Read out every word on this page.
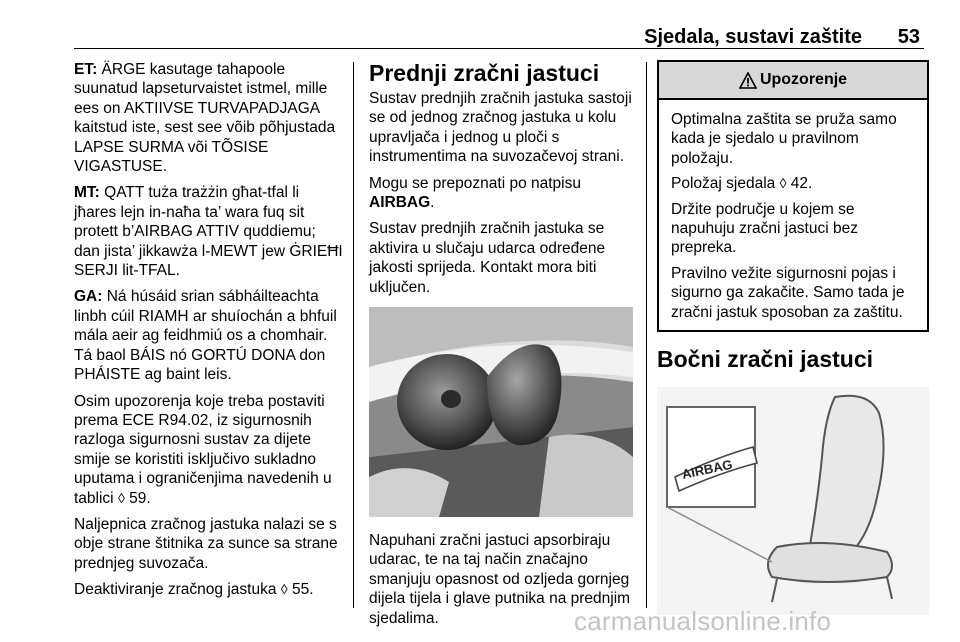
Sjedala, sustavi zaštite 53

ET: ÄRGE kasutage tahapoole suunatud lapseturvaistet istmel, mille ees on AKTIIVSE TURVAPADJAGA kaitstud iste, sest see võib põhjustada LAPSE SURMA või TÕSISE VIGASTUSE.

MT: QATT tuża trażżin għat-tfal li jħares lejn in-naħa ta’ wara fuq sit protett b’AIRBAG ATTIV quddiemu; dan jista’ jikkawża l-MEWT jew ĠRIEĦI SERJI lit-TFAL.

GA: Ná húsáid srian sábháilteachta linbh cúil RIAMH ar shuíochán a bhfuil mála aeir ag feidhmiú os a chomhair. Tá baol BÁIS nó GORTÚ DONA don PHÁISTE ag baint leis.

Osim upozorenja koje treba postaviti prema ECE R94.02, iz sigurnosnih razloga sigurnosni sustav za dijete smije se koristiti isključivo sukladno uputama i ograničenjima navedenih u tablici ◊ 59.

Naljepnica zračnog jastuka nalazi se s obje strane štitnika za sunce sa strane prednjeg suvozača.

Deaktiviranje zračnog jastuka ◊ 55.

Prednji zračni jastuci

Sustav prednjih zračnih jastuka sastoji se od jednog zračnog jastuka u kolu upravljača i jednog u ploči s instrumentima na suvozačevoj strani.

Mogu se prepoznati po natpisu
AIRBAG.

Sustav prednjih zračnih jastuka se aktivira u slučaju udarca određene jakosti sprijeda. Kontakt mora biti uključen.

Napuhani zračni jastuci apsorbiraju udarac, te na taj način značajno smanjuju opasnost od ozljeda gornjeg dijela tijela i glave putnika na prednjim sjedalima.

Upozorenje

Optimalna zaštita se pruža samo kada je sjedalo u pravilnom položaju.

Položaj sjedala ◊ 42.

Držite područje u kojem se napuhuju zračni jastuci bez prepreka.

Pravilno vežite sigurnosni pojas i sigurno ga zakačite. Samo tada je zračni jastuk sposoban za zaštitu.

Bočni zračni jastuci
AIRBAG
carmanualsonline.info
